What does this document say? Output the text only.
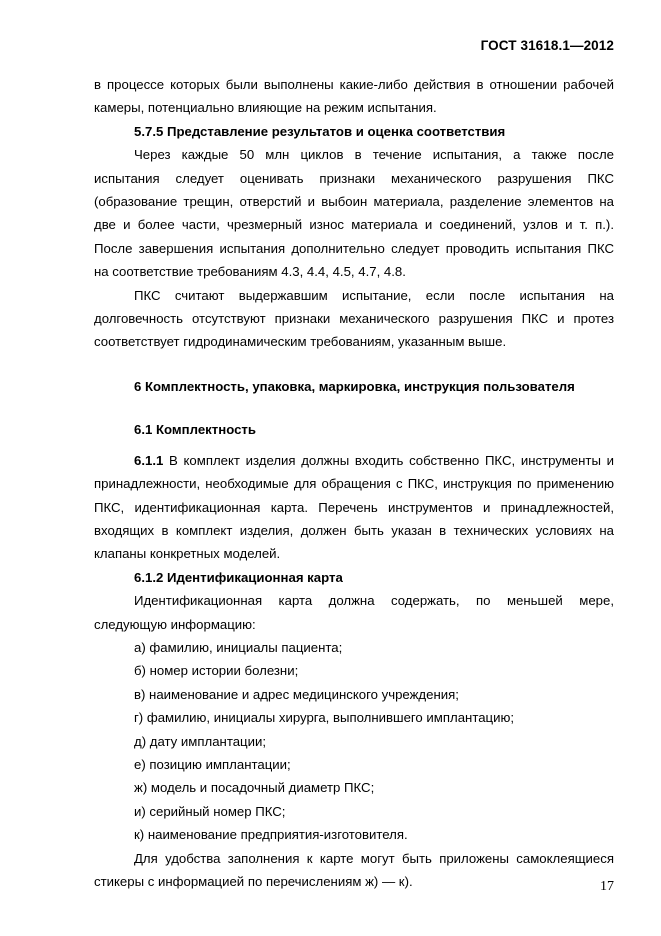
ГОСТ 31618.1—2012

в процессе которых были выполнены какие-либо действия в отношении рабочей

камеры, потенциально влияющие на режим испытания.

5.7.5 Представление результатов и оценка соответствия

Через каждые 50 млн циклов в течение испытания, а также после

испытания следует оценивать признаки механического разрушения ПКС

(образование трещин, отверстий и выбоин материала, разделение элементов на

две и более части, чрезмерный износ материала и соединений, узлов и т. п.).

После завершения испытания дополнительно следует проводить испытания ПКС

на соответствие требованиям 4.3, 4.4, 4.5, 4.7, 4.8.

ПКС считают выдержавшим испытание, если после испытания на

долговечность отсутствуют признаки механического разрушения ПКС и протез

соответствует гидродинамическим требованиям, указанным выше.

6 Комплектность, упаковка, маркировка, инструкция пользователя

6.1 Комплектность

6.1.1 В комплект изделия должны входить собственно ПКС, инструменты и

принадлежности, необходимые для обращения с ПКС, инструкция по применению

ПКС, идентификационная карта. Перечень инструментов и принадлежностей,

входящих в комплект изделия, должен быть указан в технических условиях на

клапаны конкретных моделей.

6.1.2 Идентификационная карта

Идентификационная карта должна содержать, по меньшей мере,

следующую информацию:

а) фамилию, инициалы пациента;
б) номер истории болезни;
в) наименование и адрес медицинского учреждения;
г) фамилию, инициалы хирурга, выполнившего имплантацию;
д) дату имплантации;
е) позицию имплантации;
ж) модель и посадочный диаметр ПКС;
и) серийный номер ПКС;
к) наименование предприятия-изготовителя.

Для удобства заполнения к карте могут быть приложены самоклеящиеся

стикеры с информацией по перечислениям ж) — к).	17
